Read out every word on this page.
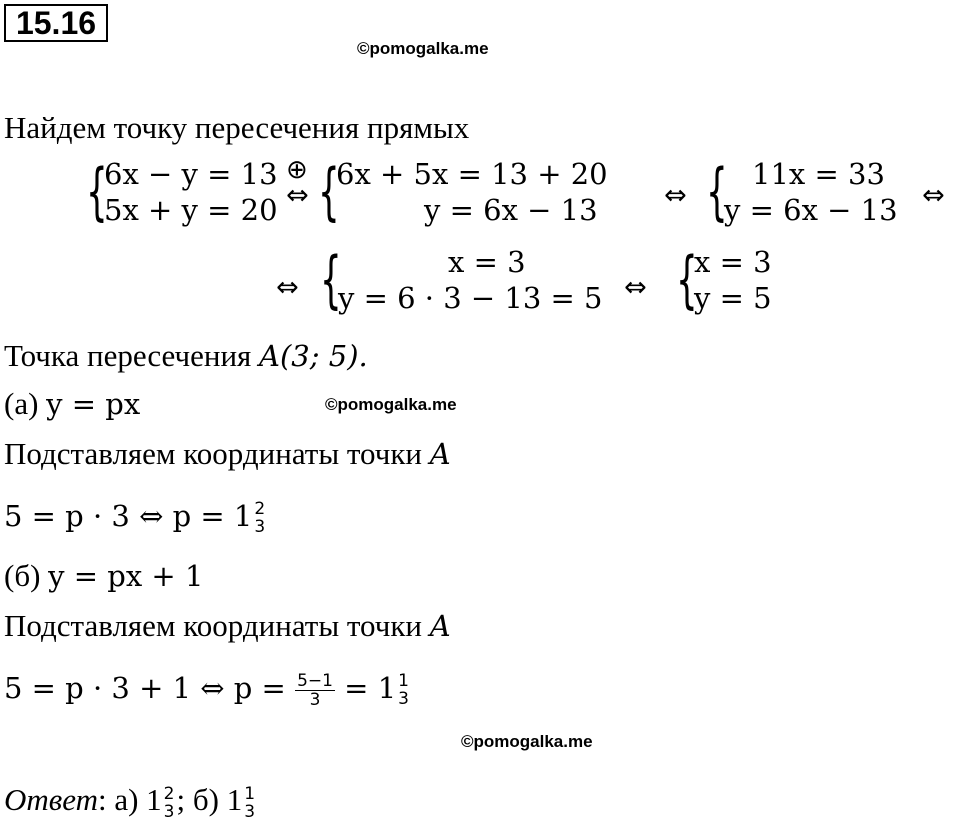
15.16
©pomogalka.me
©pomogalka.me
©pomogalka.me
Найдем точку пересечения прямых
{
6x − y = 13
5x + y = 20
⊕
⇔ {
6x + 5x = 13 + 20
y = 6x − 13	⇔ { 11x = 33
y = 6x − 13 ⇔
⇔ {	x = 3
y = 6 · 3 − 13 = 5 ⇔ {
x = 3
y = 5
Точка пересечения A(3; 5).
(а) y = px
Подставляем координаты точки A
5 = p · 3 ⇔ p = 1 2
3
(б) y = px + 1
Подставляем координаты точки A
5 = p · 3 + 1 ⇔ $p = \frac{5-1}{3} = 1$ 1
3
Ответ: а) 1 2
3 ; б) 1 1
3
